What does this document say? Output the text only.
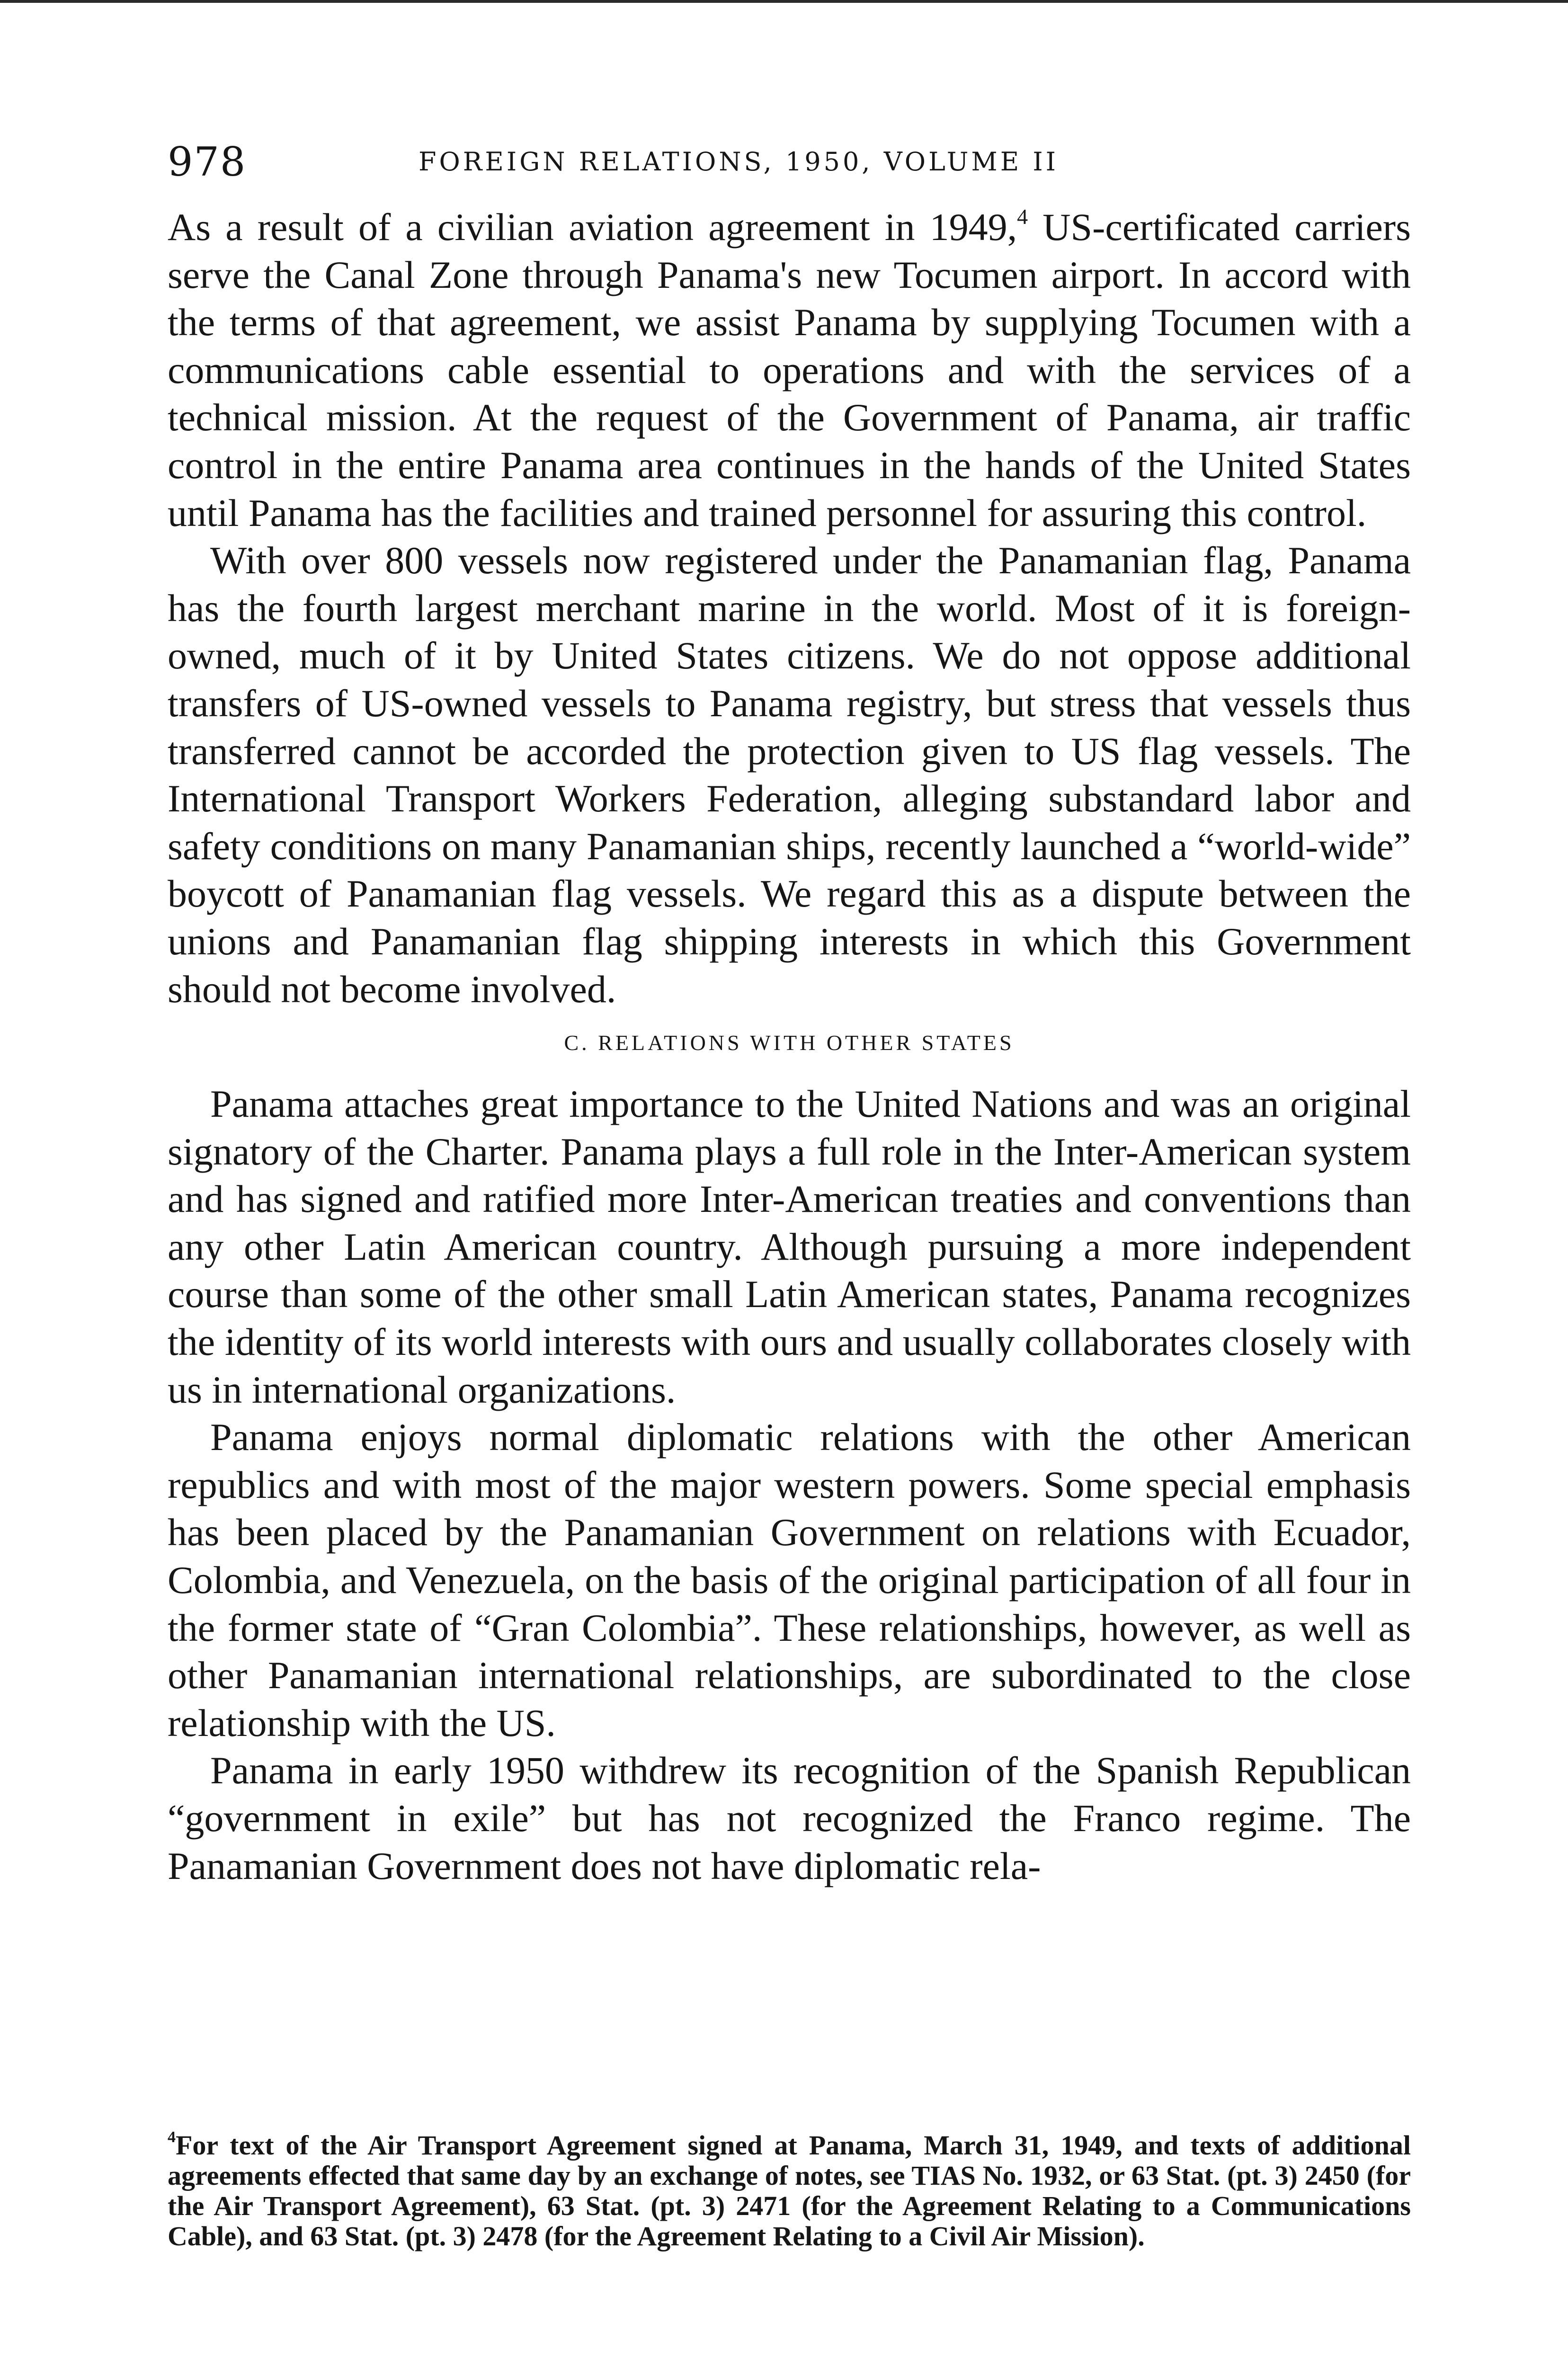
978	FOREIGN RELATIONS, 1950, VOLUME II

As a result of a civilian aviation agreement in 1949,$^4$ US-certificated carriers serve the Canal Zone through Panama's new Tocumen airport. In accord with the terms of that agreement, we assist Panama by supplying Tocumen with a communications cable essential to operations and with the services of a technical mission. At the request of the Government of Panama, air traffic control in the entire Panama area continues in the hands of the United States until Panama has the facilities and trained personnel for assuring this control.

With over 800 vessels now registered under the Panamanian flag, Panama has the fourth largest merchant marine in the world. Most of it is foreign-owned, much of it by United States citizens. We do not oppose additional transfers of US-owned vessels to Panama registry, but stress that vessels thus transferred cannot be accorded the protection given to US flag vessels. The International Transport Workers Federation, alleging substandard labor and safety conditions on many Panamanian ships, recently launched a “world-wide” boycott of Panamanian flag vessels. We regard this as a dispute between the unions and Panamanian flag shipping interests in which this Government should not become involved.

C. RELATIONS WITH OTHER STATES

Panama attaches great importance to the United Nations and was an original signatory of the Charter. Panama plays a full role in the Inter-American system and has signed and ratified more Inter-American treaties and conventions than any other Latin American country. Although pursuing a more independent course than some of the other small Latin American states, Panama recognizes the identity of its world interests with ours and usually collaborates closely with us in international organizations.

Panama enjoys normal diplomatic relations with the other American republics and with most of the major western powers. Some special emphasis has been placed by the Panamanian Government on relations with Ecuador, Colombia, and Venezuela, on the basis of the original participation of all four in the former state of “Gran Colombia”. These relationships, however, as well as other Panamanian international relationships, are subordinated to the close relationship with the US.

Panama in early 1950 withdrew its recognition of the Spanish Republican “government in exile” but has not recognized the Franco regime. The Panamanian Government does not have diplomatic rela-

$^4$For text of the Air Transport Agreement signed at Panama, March 31, 1949, and texts of additional agreements effected that same day by an exchange of notes, see TIAS No. 1932, or 63 Stat. (pt. 3) 2450 (for the Air Transport Agreement), 63 Stat. (pt. 3) 2471 (for the Agreement Relating to a Communications Cable), and 63 Stat. (pt. 3) 2478 (for the Agreement Relating to a Civil Air Mission).
